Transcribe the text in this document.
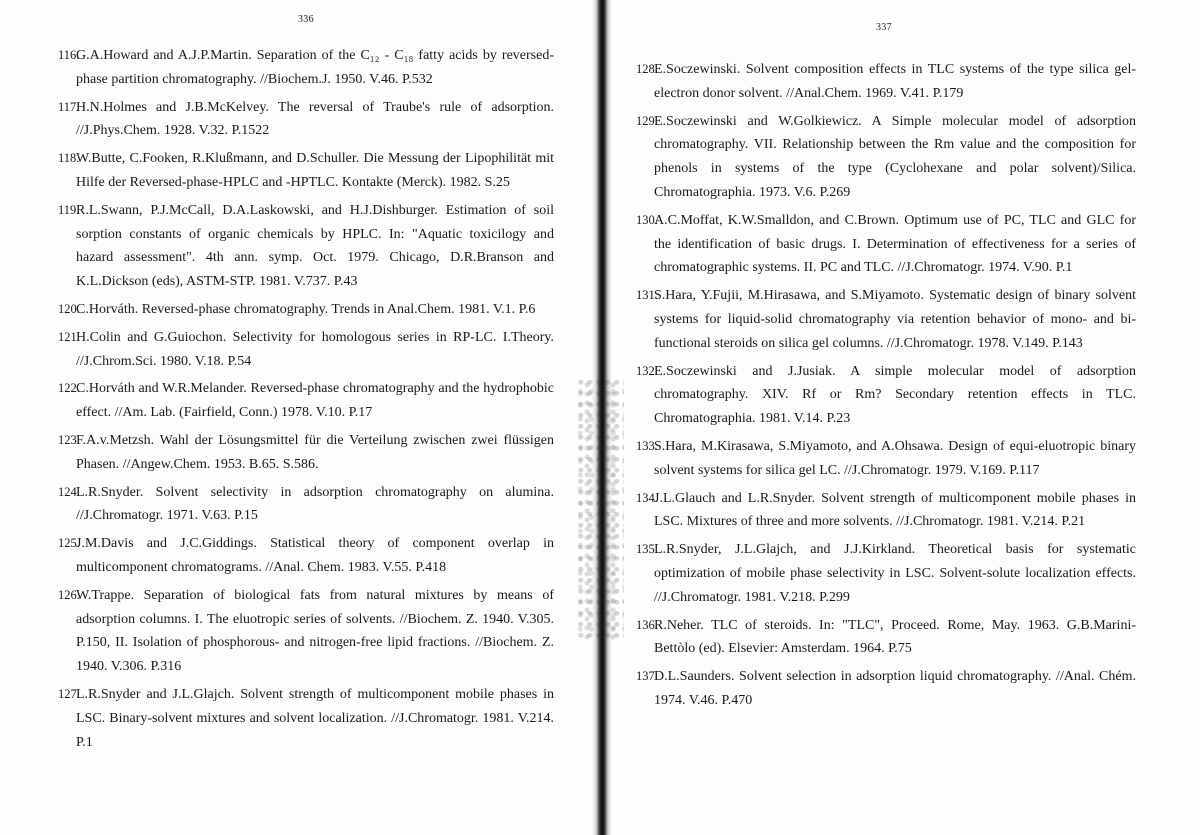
336
116.G.A.Howard and A.J.P.Martin. Separation of the C₁₂ - C₁₈ fatty acids by reversed-phase partition chromatography. //Biochem.J. 1950. V.46. P.532
117.H.N.Holmes and J.B.McKelvey. The reversal of Traube's rule of adsorption. //J.Phys.Chem. 1928. V.32. P.1522
118.W.Butte, C.Fooken, R.Klußmann, and D.Schuller. Die Messung der Lipophilität mit Hilfe der Reversed-phase-HPLC and -HPTLC. Kontakte (Merck). 1982. S.25
119.R.L.Swann, P.J.McCall, D.A.Laskowski, and H.J.Dishburger. Estimation of soil sorption constants of organic chemicals by HPLC. In: "Aquatic toxicilogy and hazard assessment". 4th ann. symp. Oct. 1979. Chicago, D.R.Branson and K.L.Dickson (eds), ASTM-STP. 1981. V.737. P.43
120.C.Horváth. Reversed-phase chromatography. Trends in Anal.Chem. 1981. V.1. P.6
121.H.Colin and G.Guiochon. Selectivity for homologous series in RP-LC. I.Theory. //J.Chrom.Sci. 1980. V.18. P.54
122.C.Horváth and W.R.Melander. Reversed-phase chromatography and the hydrophobic effect. //Am. Lab. (Fairfield, Conn.) 1978. V.10. P.17
123.F.A.v.Metzsh. Wahl der Lösungsmittel für die Verteilung zwischen zwei flüssigen Phasen. //Angew.Chem. 1953. B.65. S.586.
124.L.R.Snyder. Solvent selectivity in adsorption chromatography on alumina. //J.Chromatogr. 1971. V.63. P.15
125.J.M.Davis and J.C.Giddings. Statistical theory of component overlap in multicomponent chromatograms. //Anal. Chem. 1983. V.55. P.418
126.W.Trappe. Separation of biological fats from natural mixtures by means of adsorption columns. I. The eluotropic series of solvents. //Biochem. Z. 1940. V.305. P.150, II. Isolation of phosphorous- and nitrogen-free lipid fractions. //Biochem. Z. 1940. V.306. P.316
127.L.R.Snyder and J.L.Glajch. Solvent strength of multicomponent mobile phases in LSC. Binary-solvent mixtures and solvent localization. //J.Chromatogr. 1981. V.214. P.1
337
128.E.Soczewinski. Solvent composition effects in TLC systems of the type silica gel-electron donor solvent. //Anal.Chem. 1969. V.41. P.179
129.E.Soczewinski and W.Golkiewicz. A Simple molecular model of adsorption chromatography. VII. Relationship between the Rm value and the composition for phenols in systems of the type (Cyclohexane and polar solvent)/Silica. Chromatographia. 1973. V.6. P.269
130.A.C.Moffat, K.W.Smalldon, and C.Brown. Optimum use of PC, TLC and GLC for the identification of basic drugs. I. Determination of effectiveness for a series of chromatographic systems. II. PC and TLC. //J.Chromatogr. 1974. V.90. P.1
131.S.Hara, Y.Fujii, M.Hirasawa, and S.Miyamoto. Systematic design of binary solvent systems for liquid-solid chromatography via retention behavior of mono- and bi-functional steroids on silica gel columns. //J.Chromatogr. 1978. V.149. P.143
132.E.Soczewinski and J.Jusiak. A simple molecular model of adsorption chromatography. XIV. Rf or Rm? Secondary retention effects in TLC. Chromatographia. 1981. V.14. P.23
133.S.Hara, M.Kirasawa, S.Miyamoto, and A.Ohsawa. Design of equi-eluotropic binary solvent systems for silica gel LC. //J.Chromatogr. 1979. V.169. P.117
134.J.L.Glauch and L.R.Snyder. Solvent strength of multicomponent mobile phases in LSC. Mixtures of three and more solvents. //J.Chromatogr. 1981. V.214. P.21
135.L.R.Snyder, J.L.Glajch, and J.J.Kirkland. Theoretical basis for systematic optimization of mobile phase selectivity in LSC. Solvent-solute localization effects. //J.Chromatogr. 1981. V.218. P.299
136.R.Neher. TLC of steroids. In: "TLC", Proceed. Rome, May. 1963. G.B.Marini-Bettòlo (ed). Elsevier: Amsterdam. 1964. P.75
137.D.L.Saunders. Solvent selection in adsorption liquid chromatography. //Anal. Chém. 1974. V.46. P.470
